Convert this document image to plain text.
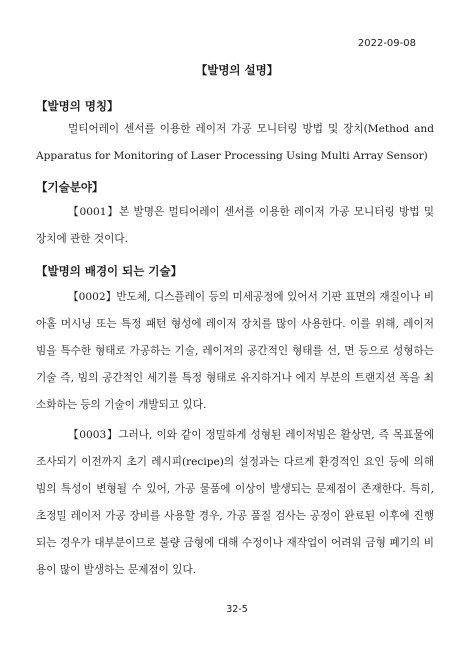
2022-09-08
【발명의 설명】
【발명의 명칭】

멀티어레이 센서를 이용한 레이저 가공 모니터링 방법 및 장치(Method and Apparatus for Monitoring of Laser Processing Using Multi Array Sensor)

【기술분야】

【0001】본 발명은 멀티어레이 센서를 이용한 레이저 가공 모니터링 방법 및 장치에 관한 것이다.

【발명의 배경이 되는 기술】

【0002】반도체, 디스플레이 등의 미세공정에 있어서 기판 표면의 재질이나 비아홀 머시닝 또는 특정 패턴 형성에 레이저 장치를 많이 사용한다. 이를 위해, 레이저 빔을 특수한 형태로 가공하는 기술, 레이저의 공간적인 형태를 선, 면 등으로 성형하는 기술 즉, 빔의 공간적인 세기를 특정 형태로 유지하거나 에지 부분의 트랜지션 폭을 최소화하는 등의 기술이 개발되고 있다.

【0003】그러나, 이와 같이 정밀하게 성형된 레이저빔은 활상면, 즉 목표물에 조사되기 이전까지 초기 레시피(recipe)의 설정과는 다르게 환경적인 요인 등에 의해 빔의 특성이 변형될 수 있어, 가공 물품에 이상이 발생되는 문제점이 존재한다. 특히, 초정밀 레이저 가공 장비를 사용할 경우, 가공 품질 검사는 공정이 완료된 이후에 진행되는 경우가 대부분이므로 불량 금형에 대해 수정이나 재작업이 어려워 금형 폐기의 비용이 많이 발생하는 문제점이 있다.

32-5
